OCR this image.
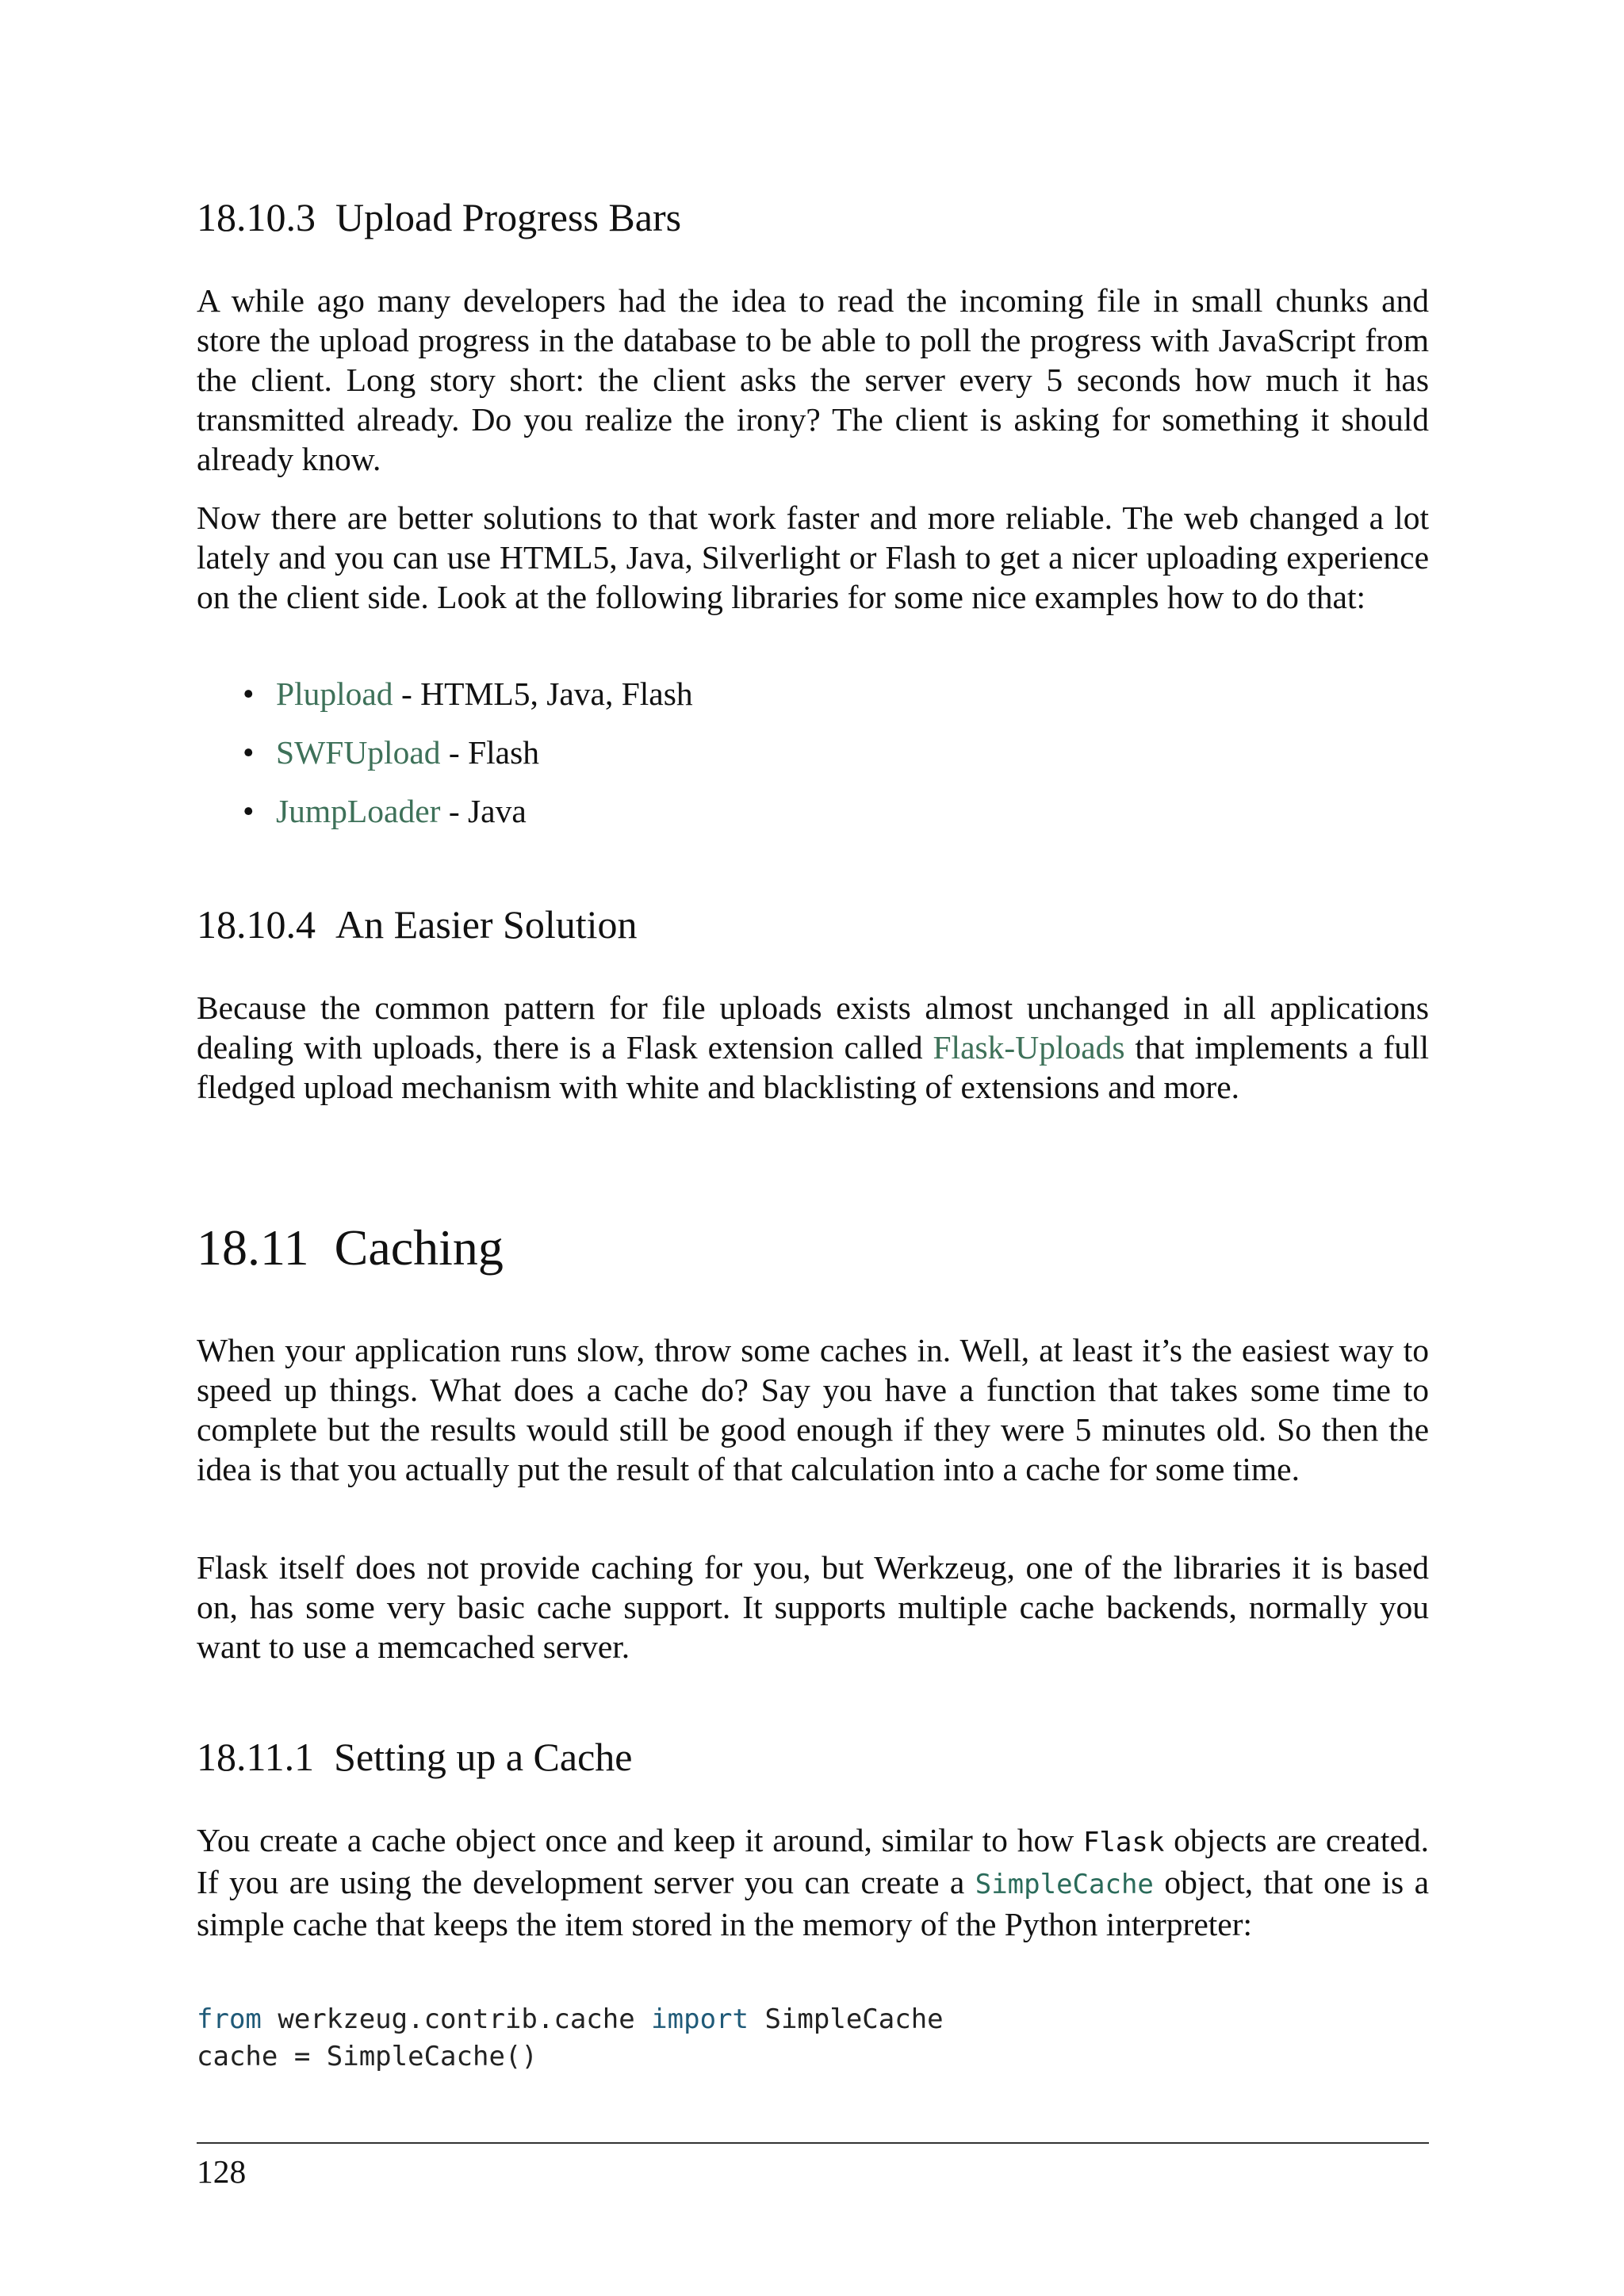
18.10.3 Upload Progress Bars

A while ago many developers had the idea to read the incoming file in small chunks and store the upload progress in the database to be able to poll the progress with JavaScript from the client. Long story short: the client asks the server every 5 seconds how much it has transmitted already. Do you realize the irony? The client is asking for something it should already know.

Now there are better solutions to that work faster and more reliable. The web changed a lot lately and you can use HTML5, Java, Silverlight or Flash to get a nicer uploading experience on the client side. Look at the following libraries for some nice examples how to do that:

• Plupload - HTML5, Java, Flash
• SWFUpload - Flash
• JumpLoader - Java
18.10.4 An Easier Solution

Because the common pattern for file uploads exists almost unchanged in all applications dealing with uploads, there is a Flask extension called Flask-Uploads that implements a full fledged upload mechanism with white and blacklisting of extensions and more.

18.11 Caching

When your application runs slow, throw some caches in. Well, at least it’s the easiest way to speed up things. What does a cache do? Say you have a function that takes some time to complete but the results would still be good enough if they were 5 minutes old. So then the idea is that you actually put the result of that calculation into a cache for some time.

Flask itself does not provide caching for you, but Werkzeug, one of the libraries it is based on, has some very basic cache support. It supports multiple cache backends, normally you want to use a memcached server.

18.11.1 Setting up a Cache

You create a cache object once and keep it around, similar to how Flask objects are created. If you are using the development server you can create a SimpleCache object, that one is a simple cache that keeps the item stored in the memory of the Python interpreter:

from werkzeug.contrib.cache import SimpleCache
cache = SimpleCache()
128
